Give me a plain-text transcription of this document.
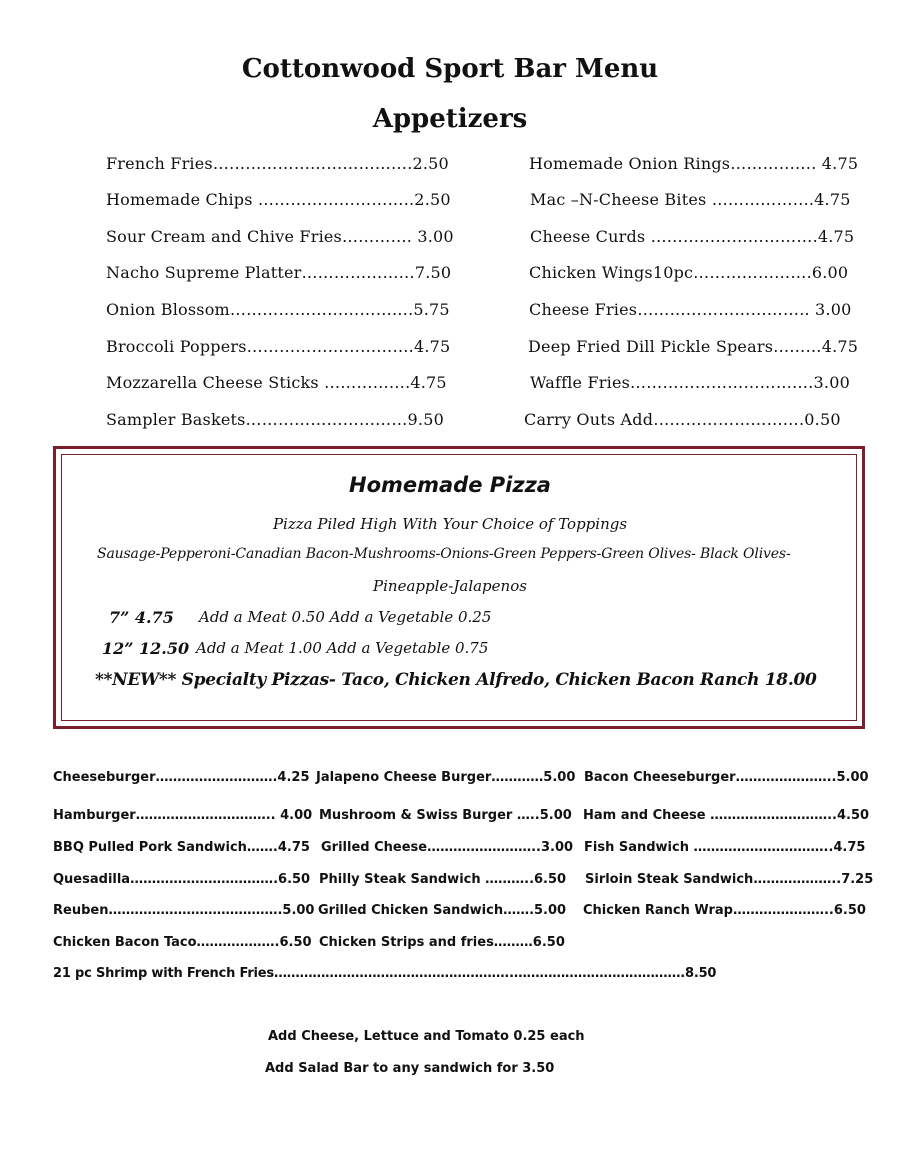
Cottonwood Sport Bar Menu
Appetizers
French Fries……………………………….2.50
Homemade Chips ………………………..2.50
Sour Cream and Chive Fries…………. 3.00
Nacho Supreme Platter…………………7.50
Onion Blossom…………………………….5.75
Broccoli Poppers………………………….4.75
Mozzarella Cheese Sticks …………….4.75
Sampler Baskets…………………………9.50
Homemade Onion Rings……………. 4.75
Mac –N-Cheese Bites ……………….4.75
Cheese Curds ………………………….4.75
Chicken Wings10pc………………….6.00
Cheese Fries………………………….. 3.00
Deep Fried Dill Pickle Spears………4.75
Waffle Fries…………………………….3.00
Carry Outs Add……………………….0.50
Homemade Pizza
Pizza Piled High With Your Choice of Toppings
Sausage-Pepperoni-Canadian Bacon-Mushrooms-Onions-Green Peppers-Green Olives- Black Olives-
Pineapple-Jalapenos
7” 4.75 Add a Meat 0.50 Add a Vegetable 0.25
12” 12.50 Add a Meat 1.00 Add a Vegetable 0.75
**NEW** Specialty Pizzas- Taco, Chicken Alfredo, Chicken Bacon Ranch 18.00
Cheeseburger……………………….4.25
Hamburger………………………….. 4.00
BBQ Pulled Pork Sandwich…….4.75
Quesadilla…………………………….6.50
Reuben………………………………….5.00
Chicken Bacon Taco……………….6.50
Jalapeno Cheese Burger…………5.00
Mushroom & Swiss Burger …..5.00
Grilled Cheese……………………..3.00
Philly Steak Sandwich ………..6.50
Grilled Chicken Sandwich…….5.00
Chicken Strips and fries………6.50
Bacon Cheeseburger…………………..5.00
Ham and Cheese ………………………..4.50
Fish Sandwich …………………………..4.75
Sirloin Steak Sandwich………………..7.25
Chicken Ranch Wrap…………………..6.50
21 pc Shrimp with French Fries………………………………………………..………………………………….8.50
Add Cheese, Lettuce and Tomato 0.25 each
Add Salad Bar to any sandwich for 3.50
